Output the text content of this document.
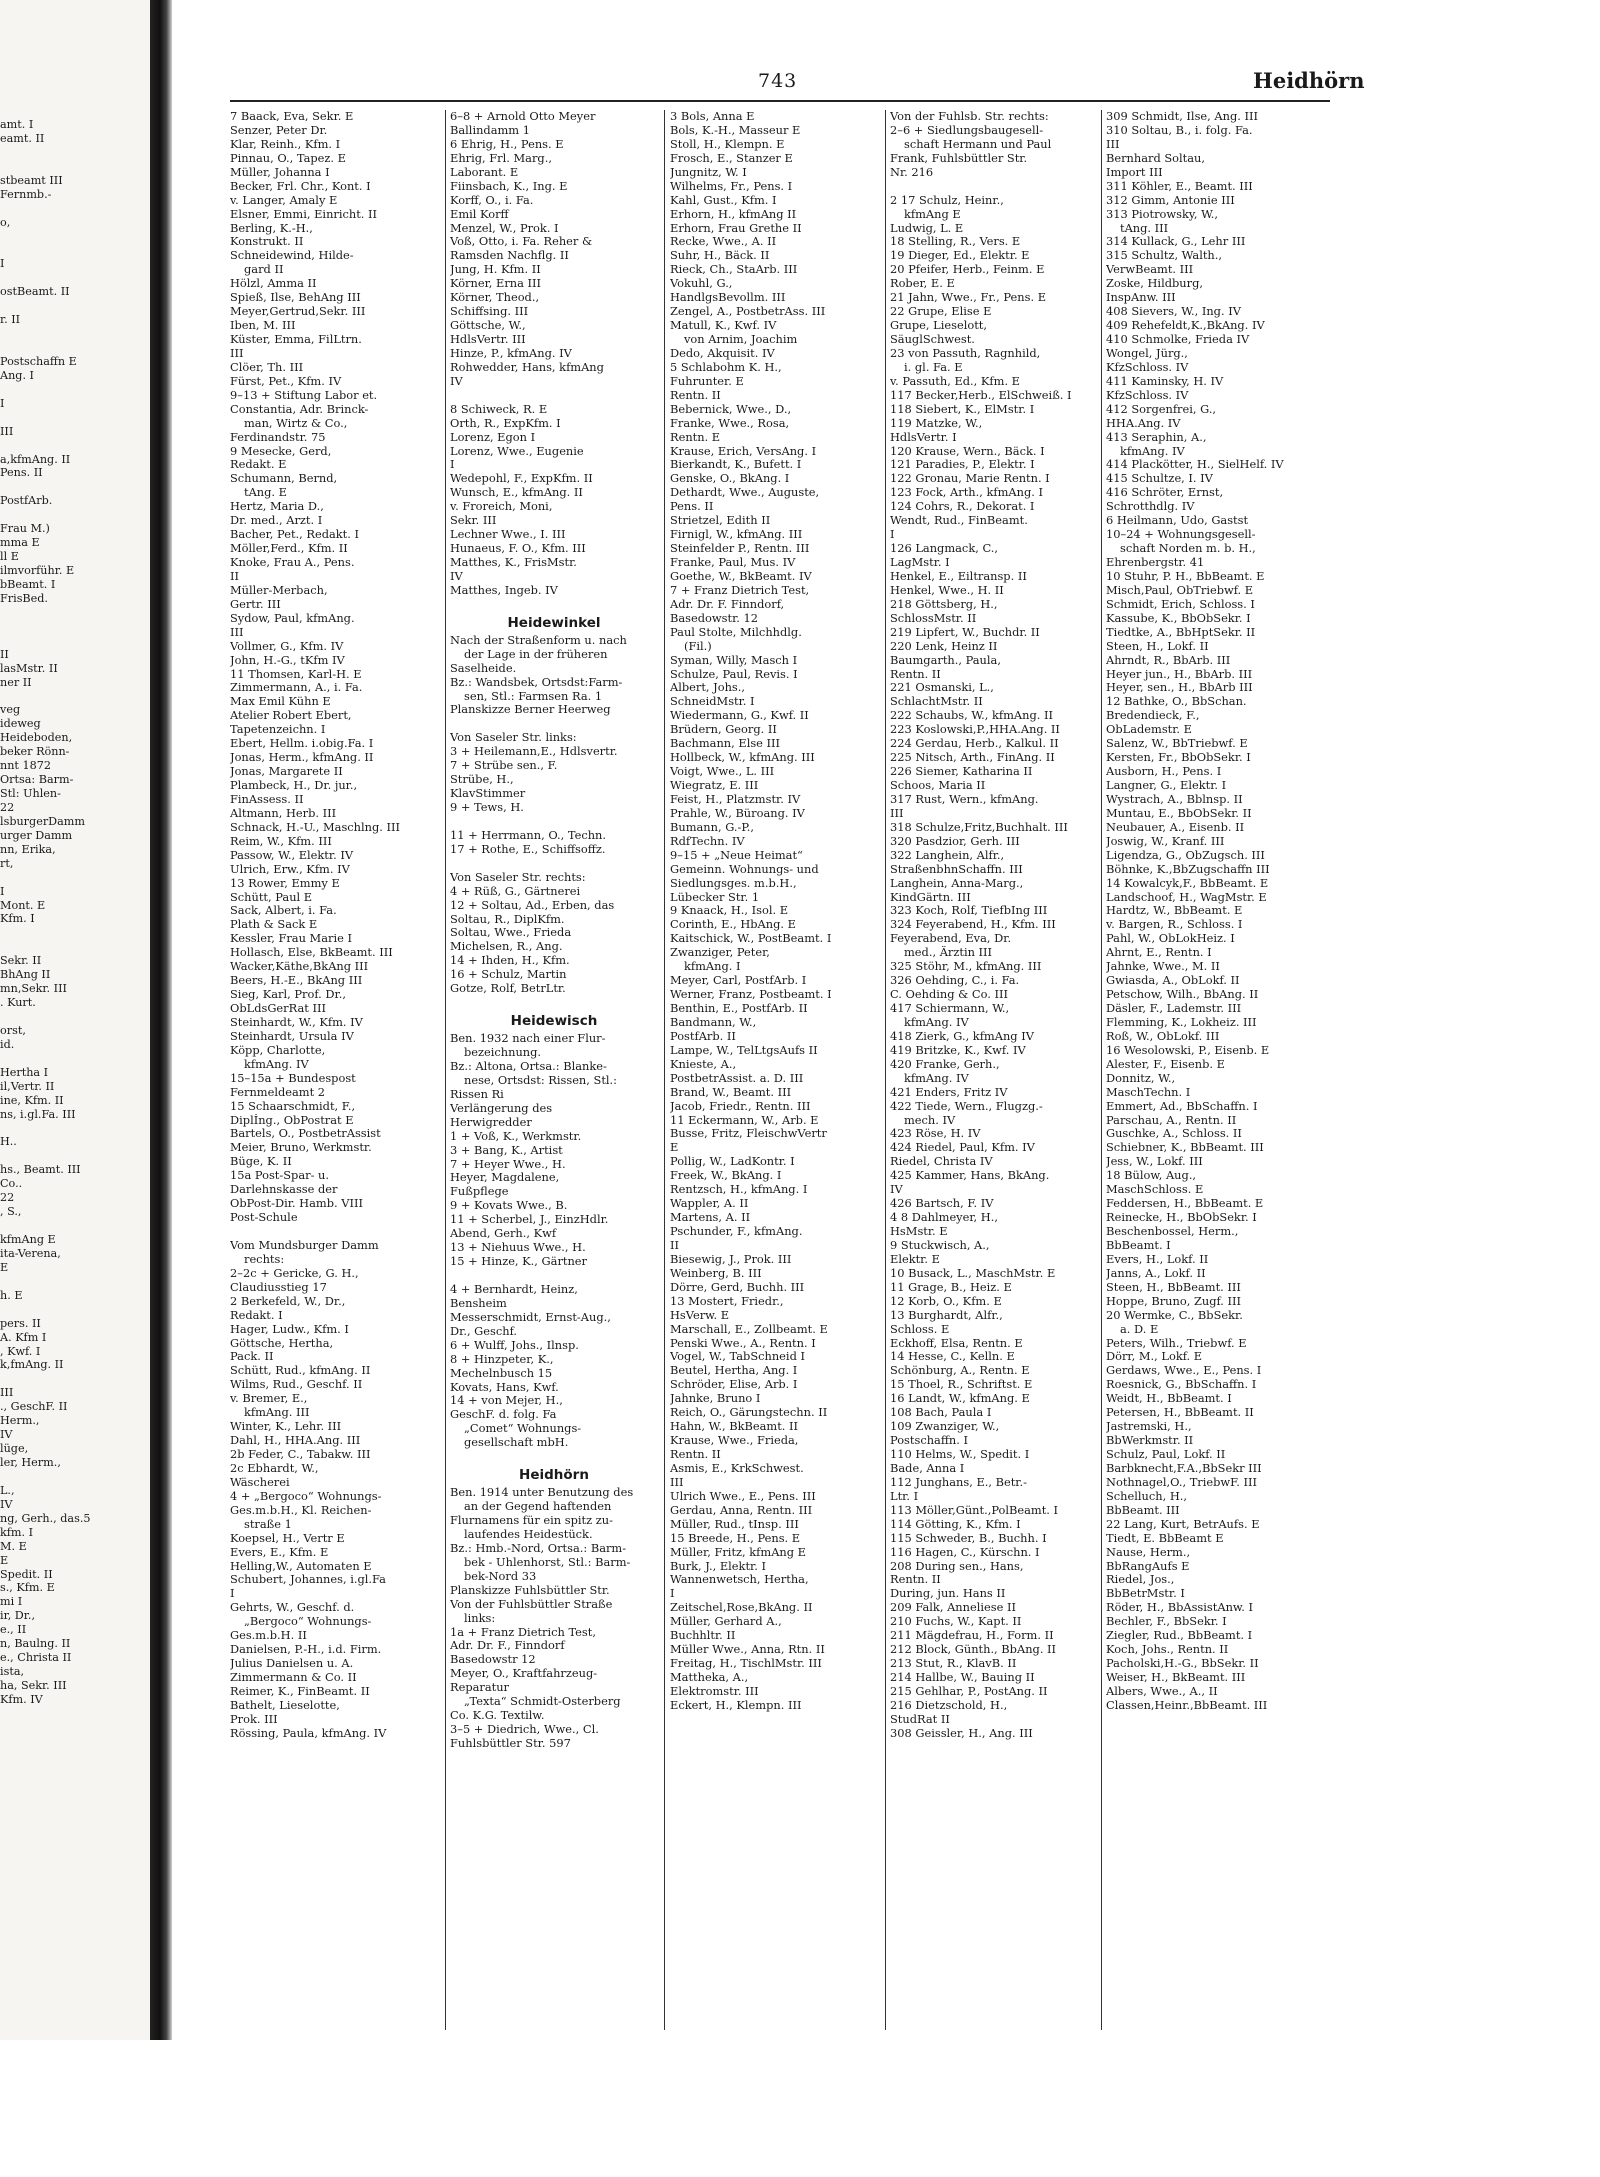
amt. I
eamt. II
stbeamt III
Fernmb.-
o,
I
ostBeamt. II
r. II
Postschaffn E
Ang. I
I
III
a,kfmAng. II
Pens. II
PostfArb.
Frau M.)
mma E
ll E
ilmvorführ. E
bBeamt. I
FrisBed.
II
lasMstr. II
ner II
veg
ideweg
Heideboden,
beker Rönn-
nnt 1872
Ortsa: Barm-
Stl: Uhlen-
22
lsburgerDamm
urger Damm
nn, Erika,
rt,
I
Mont. E
Kfm. I
Sekr. II
BhAng II
mn,Sekr. III
. Kurt.
orst,
id.
Hertha I
il,Vertr. II
ine, Kfm. II
ns, i.gl.Fa. III
H..
hs., Beamt. III
Co..
22
, S.,
kfmAng E
ita-Verena,
E
h. E
pers. II
A. Kfm I
, Kwf. I
k,fmAng. II
III
., GeschF. II
Herm.,
IV
lüge,
ler, Herm.,
L.,
IV
ng, Gerh., das.5
kfm. I
M. E
E
Spedit. II
s., Kfm. E
mi I
ir, Dr.,
e., II
n, Baulng. II
e., Christa II
ista,
ha, Sekr. III
Kfm. IV
743	Heidhörn
7 Baack, Eva, Sekr. E
Senzer, Peter Dr.
Klar, Reinh., Kfm. I
Pinnau, O., Tapez. E
Müller, Johanna I
Becker, Frl. Chr., Kont. I
v. Langer, Amaly E
Elsner, Emmi, Einricht. II
Berling, K.-H.,
Konstrukt. II
Schneidewind, Hilde-
gard II
Hölzl, Amma II
Spieß, Ilse, BehAng III
Meyer,Gertrud,Sekr. III
Iben, M. III
Küster, Emma, FilLtrn.
III
Clöer, Th. III
Fürst, Pet., Kfm. IV
9–13 + Stiftung Labor et.
Constantia, Adr. Brinck-
man, Wirtz & Co.,
Ferdinandstr. 75
9 Mesecke, Gerd,
Redakt. E
Schumann, Bernd,
tAng. E
Hertz, Maria D.,
Dr. med., Arzt. I
Bacher, Pet., Redakt. I
Möller,Ferd., Kfm. II
Knoke, Frau A., Pens.
II
Müller-Merbach,
Gertr. III
Sydow, Paul, kfmAng.
III
Vollmer, G., Kfm. IV
John, H.-G., tKfm IV
11 Thomsen, Karl-H. E
Zimmermann, A., i. Fa.
Max Emil Kühn E
Atelier Robert Ebert,
Tapetenzeichn. I
Ebert, Hellm. i.obig.Fa. I
Jonas, Herm., kfmAng. II
Jonas, Margarete II
Plambeck, H., Dr. jur.,
FinAssess. II
Altmann, Herb. III
Schnack, H.-U., Maschlng. III
Reim, W., Kfm. III
Passow, W., Elektr. IV
Ulrich, Erw., Kfm. IV
13 Rower, Emmy E
Schütt, Paul E
Sack, Albert, i. Fa.
Plath & Sack E
Kessler, Frau Marie I
Hollasch, Else, BkBeamt. III
Wacker,Käthe,BkAng III
Beers, H.-E., BkAng III
Sieg, Karl, Prof. Dr.,
ObLdsGerRat III
Steinhardt, W., Kfm. IV
Steinhardt, Ursula IV
Köpp, Charlotte,
kfmAng. IV
15–15a + Bundespost
Fernmeldeamt 2
15 Schaarschmidt, F.,
Diplİng., ObPostrat E
Bartels, O., PostbetrAssist
Meier, Bruno, Werkmstr.
Büge, K. II
15a Post-Spar- u.
Darlehnskasse der
ObPost-Dir. Hamb. VIII
Post-Schule
Vom Mundsburger Damm
rechts:
2–2c + Gericke, G. H.,
Claudiusstieg 17
2 Berkefeld, W., Dr.,
Redakt. I
Hager, Ludw., Kfm. I
Göttsche, Hertha,
Pack. II
Schütt, Rud., kfmAng. II
Wilms, Rud., Geschf. II
v. Bremer, E.,
kfmAng. III
Winter, K., Lehr. III
Dahl, H., HHA.Ang. III
2b Feder, C., Tabakw. III
2c Ebhardt, W.,
Wäscherei
4 + „Bergoco“ Wohnungs-
Ges.m.b.H., Kl. Reichen-
straße 1
Koepsel, H., Vertr E
Evers, E., Kfm. E
Helling,W., Automaten E
Schubert, Johannes, i.gl.Fa
I
Gehrts, W., Geschf. d.
„Bergoco“ Wohnungs-
Ges.m.b.H. II
Danielsen, P.-H., i.d. Firm.
Julius Danielsen u. A.
Zimmermann & Co. II
Reimer, K., FinBeamt. II
Bathelt, Lieselotte,
Prok. III
Rössing, Paula, kfmAng. IV
6–8 + Arnold Otto Meyer
Ballindamm 1
6 Ehrig, H., Pens. E
Ehrig, Frl. Marg.,
Laborant. E
Fiinsbach, K., Ing. E
Korff, O., i. Fa.
Emil Korff
Menzel, W., Prok. I
Voß, Otto, i. Fa. Reher &
Ramsden Nachflg. II
Jung, H. Kfm. II
Körner, Erna III
Körner, Theod.,
Schiffsing. III
Göttsche, W.,
HdlsVertr. III
Hinze, P., kfmAng. IV
Rohwedder, Hans, kfmAng
IV
8 Schiweck, R. E
Orth, R., ExpKfm. I
Lorenz, Egon I
Lorenz, Wwe., Eugenie
I
Wedepohl, F., ExpKfm. II
Wunsch, E., kfmAng. II
v. Froreich, Moni,
Sekr. III
Lechner Wwe., I. III
Hunaeus, F. O., Kfm. III
Matthes, K., FrisMstr.
IV
Matthes, Ingeb. IV
Heidewinkel
Nach der Straßenform u. nach
der Lage in der früheren
Saselheide.
Bz.: Wandsbek, Ortsdst:Farm-
sen, Stl.: Farmsen Ra. 1
Planskizze Berner Heerweg
Von Saseler Str. links:
3 + Heilemann,E., Hdlsvertr.
7 + Strübe sen., F.
Strübe, H.,
KlavStimmer
9 + Tews, H.
11 + Herrmann, O., Techn.
17 + Rothe, E., Schiffsoffz.
Von Saseler Str. rechts:
4 + Rüß, G., Gärtnerei
12 + Soltau, Ad., Erben, das
Soltau, R., DiplKfm.
Soltau, Wwe., Frieda
Michelsen, R., Ang.
14 + Ihden, H., Kfm.
16 + Schulz, Martin
Gotze, Rolf, BetrLtr.
Heidewisch
Ben. 1932 nach einer Flur-
bezeichnung.
Bz.: Altona, Ortsa.: Blanke-
nese, Ortsdst: Rissen, Stl.:
Rissen Ri
Verlängerung des
Herwigredder
1 + Voß, K., Werkmstr.
3 + Bang, K., Artist
7 + Heyer Wwe., H.
Heyer, Magdalene,
Fußpflege
9 + Kovats Wwe., B.
11 + Scherbel, J., EinzHdlr.
Abend, Gerh., Kwf
13 + Niehuus Wwe., H.
15 + Hinze, K., Gärtner
4 + Bernhardt, Heinz,
Bensheim
Messerschmidt, Ernst-Aug.,
Dr., Geschf.
6 + Wulff, Johs., Ilnsp.
8 + Hinzpeter, K.,
Mechelnbusch 15
Kovats, Hans, Kwf.
14 + von Mejer, H.,
GeschF. d. folg. Fa
„Comet“ Wohnungs-
gesellschaft mbH.
Heidhörn
Ben. 1914 unter Benutzung des
an der Gegend haftenden
Flurnamens für ein spitz zu-
laufendes Heidestück.
Bz.: Hmb.-Nord, Ortsa.: Barm-
bek - Uhlenhorst, Stl.: Barm-
bek-Nord 33
Planskizze Fuhlsbüttler Str.
Von der Fuhlsbüttler Straße
links:
1a + Franz Dietrich Test,
Adr. Dr. F., Finndorf
Basedowstr 12
Meyer, O., Kraftfahrzeug-
Reparatur
„Texta“ Schmidt-Osterberg
Co. K.G. Textilw.
3–5 + Diedrich, Wwe., Cl.
Fuhlsbüttler Str. 597
3 Bols, Anna E
Bols, K.-H., Masseur E
Stoll, H., Klempn. E
Frosch, E., Stanzer E
Jungnitz, W. I
Wilhelms, Fr., Pens. I
Kahl, Gust., Kfm. I
Erhorn, H., kfmAng II
Erhorn, Frau Grethe II
Recke, Wwe., A. II
Suhr, H., Bäck. II
Rieck, Ch., StaArb. III
Vokuhl, G.,
HandlgsBevollm. III
Zengel, A., PostbetrAss. III
Matull, K., Kwf. IV
von Arnim, Joachim
Dedo, Akquisit. IV
5 Schlabohm K. H.,
Fuhrunter. E
Rentn. II
Bebernick, Wwe., D.,
Franke, Wwe., Rosa,
Rentn. E
Krause, Erich, VersAng. I
Bierkandt, K., Bufett. I
Genske, O., BkAng. I
Dethardt, Wwe., Auguste,
Pens. II
Strietzel, Edith II
Firnigl, W., kfmAng. III
Steinfelder P., Rentn. III
Franke, Paul, Mus. IV
Goethe, W., BkBeamt. IV
7 + Franz Dietrich Test,
Adr. Dr. F. Finndorf,
Basedowstr. 12
Paul Stolte, Milchhdlg.
(Fil.)
Syman, Willy, Masch I
Schulze, Paul, Revis. I
Albert, Johs.,
SchneidMstr. I
Wiedermann, G., Kwf. II
Brüdern, Georg. II
Bachmann, Else III
Hollbeck, W., kfmAng. III
Voigt, Wwe., L. III
Wiegratz, E. III
Feist, H., Platzmstr. IV
Prahle, W., Büroang. IV
Bumann, G.-P.,
RdfTechn. IV
9–15 + „Neue Heimat“
Gemeinn. Wohnungs- und
Siedlungsges. m.b.H.,
Lübecker Str. 1
9 Knaack, H., Isol. E
Corinth, E., HbAng. E
Kaitschick, W., PostBeamt. I
Zwanziger, Peter,
kfmAng. I
Meyer, Carl, PostfArb. I
Werner, Franz, Postbeamt. I
Benthin, E., PostfArb. II
Bandmann, W.,
PostfArb. II
Lampe, W., TelLtgsAufs II
Knieste, A.,
PostbetrAssist. a. D. III
Brand, W., Beamt. III
Jacob, Friedr., Rentn. III
11 Eckermann, W., Arb. E
Busse, Fritz, FleischwVertr
E
Pollig, W., LadKontr. I
Freek, W., BkAng. I
Rentzsch, H., kfmAng. I
Wappler, A. II
Martens, A. II
Pschunder, F., kfmAng.
II
Biesewig, J., Prok. III
Weinberg, B. III
Dörre, Gerd, Buchh. III
13 Mostert, Friedr.,
HsVerw. E
Marschall, E., Zollbeamt. E
Penski Wwe., A., Rentn. I
Vogel, W., TabSchneid I
Beutel, Hertha, Ang. I
Schröder, Elise, Arb. I
Jahnke, Bruno I
Reich, O., Gärungstechn. II
Hahn, W., BkBeamt. II
Krause, Wwe., Frieda,
Rentn. II
Asmis, E., KrkSchwest.
III
Ulrich Wwe., E., Pens. III
Gerdau, Anna, Rentn. III
Müller, Rud., tInsp. III
15 Breede, H., Pens. E
Müller, Fritz, kfmAng E
Burk, J., Elektr. I
Wannenwetsch, Hertha,
I
Zeitschel,Rose,BkAng. II
Müller, Gerhard A.,
Buchhltr. II
Müller Wwe., Anna, Rtn. II
Freitag, H., TischlMstr. III
Mattheka, A.,
Elektromstr. III
Eckert, H., Klempn. III
Von der Fuhlsb. Str. rechts:
2–6 + Siedlungsbaugesell-
schaft Hermann und Paul
Frank, Fuhlsbüttler Str.
Nr. 216
2 17 Schulz, Heinr.,
kfmAng E
Ludwig, L. E
18 Stelling, R., Vers. E
19 Dieger, Ed., Elektr. E
20 Pfeifer, Herb., Feinm. E
Rober, E. E
21 Jahn, Wwe., Fr., Pens. E
22 Grupe, Elise E
Grupe, Lieselott,
SäuglSchwest.
23 von Passuth, Ragnhild,
i. gl. Fa. E
v. Passuth, Ed., Kfm. E
117 Becker,Herb., ElSchweiß. I
118 Siebert, K., ElMstr. I
119 Matzke, W.,
HdlsVertr. I
120 Krause, Wern., Bäck. I
121 Paradies, P., Elektr. I
122 Gronau, Marie Rentn. I
123 Fock, Arth., kfmAng. I
124 Cohrs, R., Dekorat. I
Wendt, Rud., FinBeamt.
I
126 Langmack, C.,
LagMstr. I
Henkel, E., Eiltransp. II
Henkel, Wwe., H. II
218 Göttsberg, H.,
SchlossMstr. II
219 Lipfert, W., Buchdr. II
220 Lenk, Heinz II
Baumgarth., Paula,
Rentn. II
221 Osmanski, L.,
SchlachtMstr. II
222 Schaubs, W., kfmAng. II
223 Koslowski,P.,HHA.Ang. II
224 Gerdau, Herb., Kalkul. II
225 Nitsch, Arth., FinAng. II
226 Siemer, Katharina II
Schoos, Maria II
317 Rust, Wern., kfmAng.
III
318 Schulze,Fritz,Buchhalt. III
320 Pasdzior, Gerh. III
322 Langhein, Alfr.,
StraßenbhnSchaffn. III
Langhein, Anna-Marg.,
KindGärtn. III
323 Koch, Rolf, TiefbIng III
324 Feyerabend, H., Kfm. III
Feyerabend, Eva, Dr.
med., Ärztin III
325 Stöhr, M., kfmAng. III
326 Oehding, C., i. Fa.
C. Oehding & Co. III
417 Schiermann, W.,
kfmAng. IV
418 Zierk, G., kfmAng IV
419 Britzke, K., Kwf. IV
420 Franke, Gerh.,
kfmAng. IV
421 Enders, Fritz IV
422 Tiede, Wern., Flugzg.-
mech. IV
423 Röse, H. IV
424 Riedel, Paul, Kfm. IV
Riedel, Christa IV
425 Kammer, Hans, BkAng.
IV
426 Bartsch, F. IV
4 8 Dahlmeyer, H.,
HsMstr. E
9 Stuckwisch, A.,
Elektr. E
10 Busack, L., MaschMstr. E
11 Grage, B., Heiz. E
12 Korb, O., Kfm. E
13 Burghardt, Alfr.,
Schloss. E
Eckhoff, Elsa, Rentn. E
14 Hesse, C., Kelln. E
Schönburg, A., Rentn. E
15 Thoel, R., Schriftst. E
16 Landt, W., kfmAng. E
108 Bach, Paula I
109 Zwanziger, W.,
Postschaffn. I
110 Helms, W., Spedit. I
Bade, Anna I
112 Junghans, E., Betr.-
Ltr. I
113 Möller,Günt.,PolBeamt. I
114 Götting, K., Kfm. I
115 Schweder, B., Buchh. I
116 Hagen, C., Kürschn. I
208 During sen., Hans,
Rentn. II
During, jun. Hans II
209 Falk, Anneliese II
210 Fuchs, W., Kapt. II
211 Mägdefrau, H., Form. II
212 Block, Günth., BbAng. II
213 Stut, R., KlavB. II
214 Hallbe, W., Bauing II
215 Gehlhar, P., PostAng. II
216 Dietzschold, H.,
StudRat II
308 Geissler, H., Ang. III
309 Schmidt, Ilse, Ang. III
310 Soltau, B., i. folg. Fa.
III
Bernhard Soltau,
Import III
311 Köhler, E., Beamt. III
312 Gimm, Antonie III
313 Piotrowsky, W.,
tAng. III
314 Kullack, G., Lehr III
315 Schultz, Walth.,
VerwBeamt. III
Zoske, Hildburg,
InspAnw. III
408 Sievers, W., Ing. IV
409 Rehefeldt,K.,BkAng. IV
410 Schmolke, Frieda IV
Wongel, Jürg.,
KfzSchloss. IV
411 Kaminsky, H. IV
KfzSchloss. IV
412 Sorgenfrei, G.,
HHA.Ang. IV
413 Seraphin, A.,
kfmAng. IV
414 Plackötter, H., SielHelf. IV
415 Schultze, I. IV
416 Schröter, Ernst,
Schrotthdlg. IV
6 Heilmann, Udo, Gastst
10–24 + Wohnungsgesell-
schaft Norden m. b. H.,
Ehrenbergstr. 41
10 Stuhr, P. H., BbBeamt. E
Misch,Paul, ObTriebwf. E
Schmidt, Erich, Schloss. I
Kassube, K., BbObSekr. I
Tiedtke, A., BbHptSekr. II
Steen, H., Lokf. II
Ahrndt, R., BbArb. III
Heyer jun., H., BbArb. III
Heyer, sen., H., BbArb III
12 Bathke, O., BbSchan.
Bredendieck, F.,
ObLademstr. E
Salenz, W., BbTriebwf. E
Kersten, Fr., BbObSekr. I
Ausborn, H., Pens. I
Langner, G., Elektr. I
Wystrach, A., Bblnsp. II
Muntau, E., BbObSekr. II
Neubauer, A., Eisenb. II
Joswig, W., Kranf. III
Ligendza, G., ObZugsch. III
Böhnke, K.,BbZugschaffn III
14 Kowalcyk,F., BbBeamt. E
Landschoof, H., WagMstr. E
Hardtz, W., BbBeamt. E
v. Bargen, R., Schloss. I
Pahl, W., ObLokHeiz. I
Ahrnt, E., Rentn. I
Jahnke, Wwe., M. II
Gwiasda, A., ObLokf. II
Petschow, Wilh., BbAng. II
Däsler, F., Lademstr. III
Flemming, K., Lokheiz. III
Roß, W., ObLokf. III
16 Wesolowski, P., Eisenb. E
Alester, F., Eisenb. E
Donnitz, W.,
MaschTechn. I
Emmert, Ad., BbSchaffn. I
Parschau, A., Rentn. II
Guschke, A., Schloss. II
Schiebner, K., BbBeamt. III
Jess, W., Lokf. III
18 Bülow, Aug.,
MaschSchloss. E
Feddersen, H., BbBeamt. E
Reinecke, H., BbObSekr. I
Beschenbossel, Herm.,
BbBeamt. I
Evers, H., Lokf. II
Janns, A., Lokf. II
Steen, H., BbBeamt. III
Hoppe, Bruno, Zugf. III
20 Wermke, C., BbSekr.
a. D. E
Peters, Wilh., Triebwf. E
Dörr, M., Lokf. E
Gerdaws, Wwe., E., Pens. I
Roesnick, G., BbSchaffn. I
Weidt, H., BbBeamt. I
Petersen, H., BbBeamt. II
Jastremski, H.,
BbWerkmstr. II
Schulz, Paul, Lokf. II
Barbknecht,F.A.,BbSekr III
Nothnagel,O., TriebwF. III
Schelluch, H.,
BbBeamt. III
22 Lang, Kurt, BetrAufs. E
Tiedt, E. BbBeamt E
Nause, Herm.,
BbRangAufs E
Riedel, Jos.,
BbBetrMstr. I
Röder, H., BbAssistAnw. I
Bechler, F., BbSekr. I
Ziegler, Rud., BbBeamt. I
Koch, Johs., Rentn. II
Pacholski,H.-G., BbSekr. II
Weiser, H., BkBeamt. III
Albers, Wwe., A., II
Classen,Heinr.,BbBeamt. III
